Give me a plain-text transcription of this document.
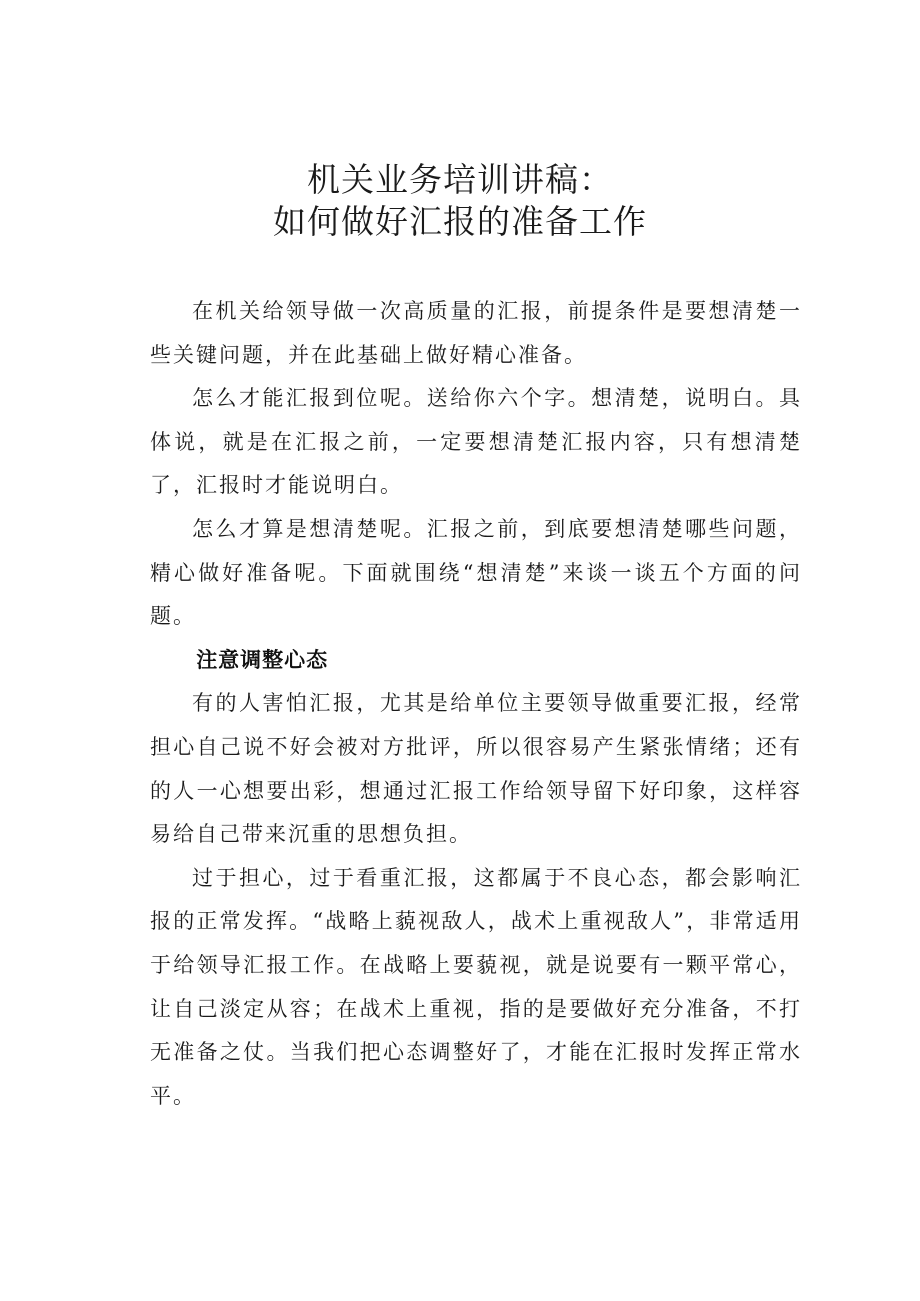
机关业务培训讲稿：
如何做好汇报的准备工作

在机关给领导做一次高质量的汇报，前提条件是要想清楚一些关键问题，并在此基础上做好精心准备。

怎么才能汇报到位呢。送给你六个字。想清楚，说明白。具体说，就是在汇报之前，一定要想清楚汇报内容，只有想清楚了，汇报时才能说明白。

怎么才算是想清楚呢。汇报之前，到底要想清楚哪些问题，精心做好准备呢。下面就围绕“想清楚”来谈一谈五个方面的问题。

注意调整心态

有的人害怕汇报，尤其是给单位主要领导做重要汇报，经常担心自己说不好会被对方批评，所以很容易产生紧张情绪；还有的人一心想要出彩，想通过汇报工作给领导留下好印象，这样容易给自己带来沉重的思想负担。

过于担心，过于看重汇报，这都属于不良心态，都会影响汇报的正常发挥。“战略上藐视敌人，战术上重视敌人”，非常适用于给领导汇报工作。在战略上要藐视，就是说要有一颗平常心，让自己淡定从容；在战术上重视，指的是要做好充分准备，不打无准备之仗。当我们把心态调整好了，才能在汇报时发挥正常水平。
